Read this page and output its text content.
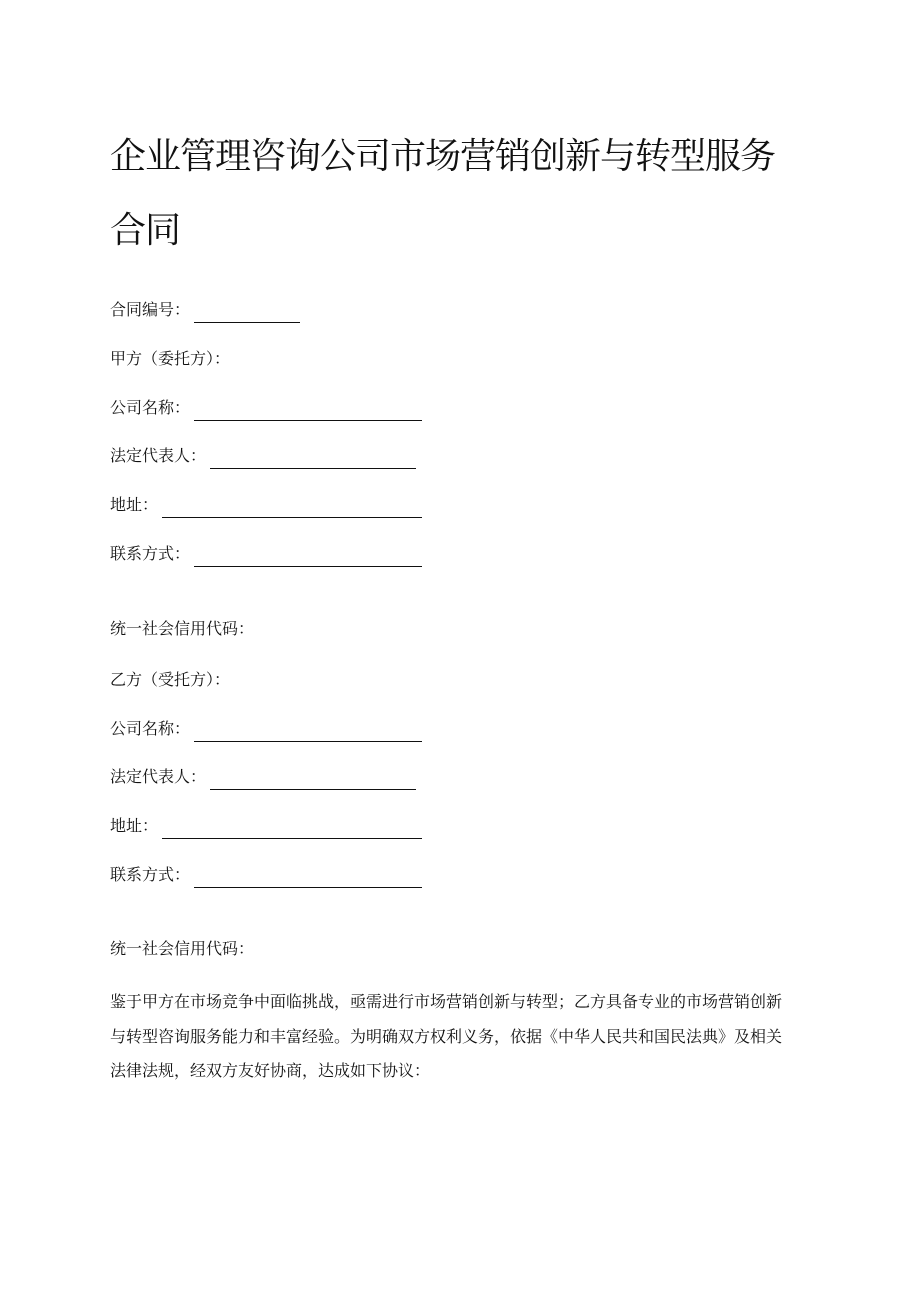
企业管理咨询公司市场营销创新与转型服务合同
合同编号：
甲方（委托方）：
公司名称：
法定代表人：
地址：
联系方式：
统一社会信用代码：
乙方（受托方）：
公司名称：
法定代表人：
地址：
联系方式：
统一社会信用代码：

鉴于甲方在市场竞争中面临挑战，亟需进行市场营销创新与转型；乙方具备专业的市场营销创新与转型咨询服务能力和丰富经验。为明确双方权利义务，依据《中华人民共和国民法典》及相关法律法规，经双方友好协商，达成如下协议：
